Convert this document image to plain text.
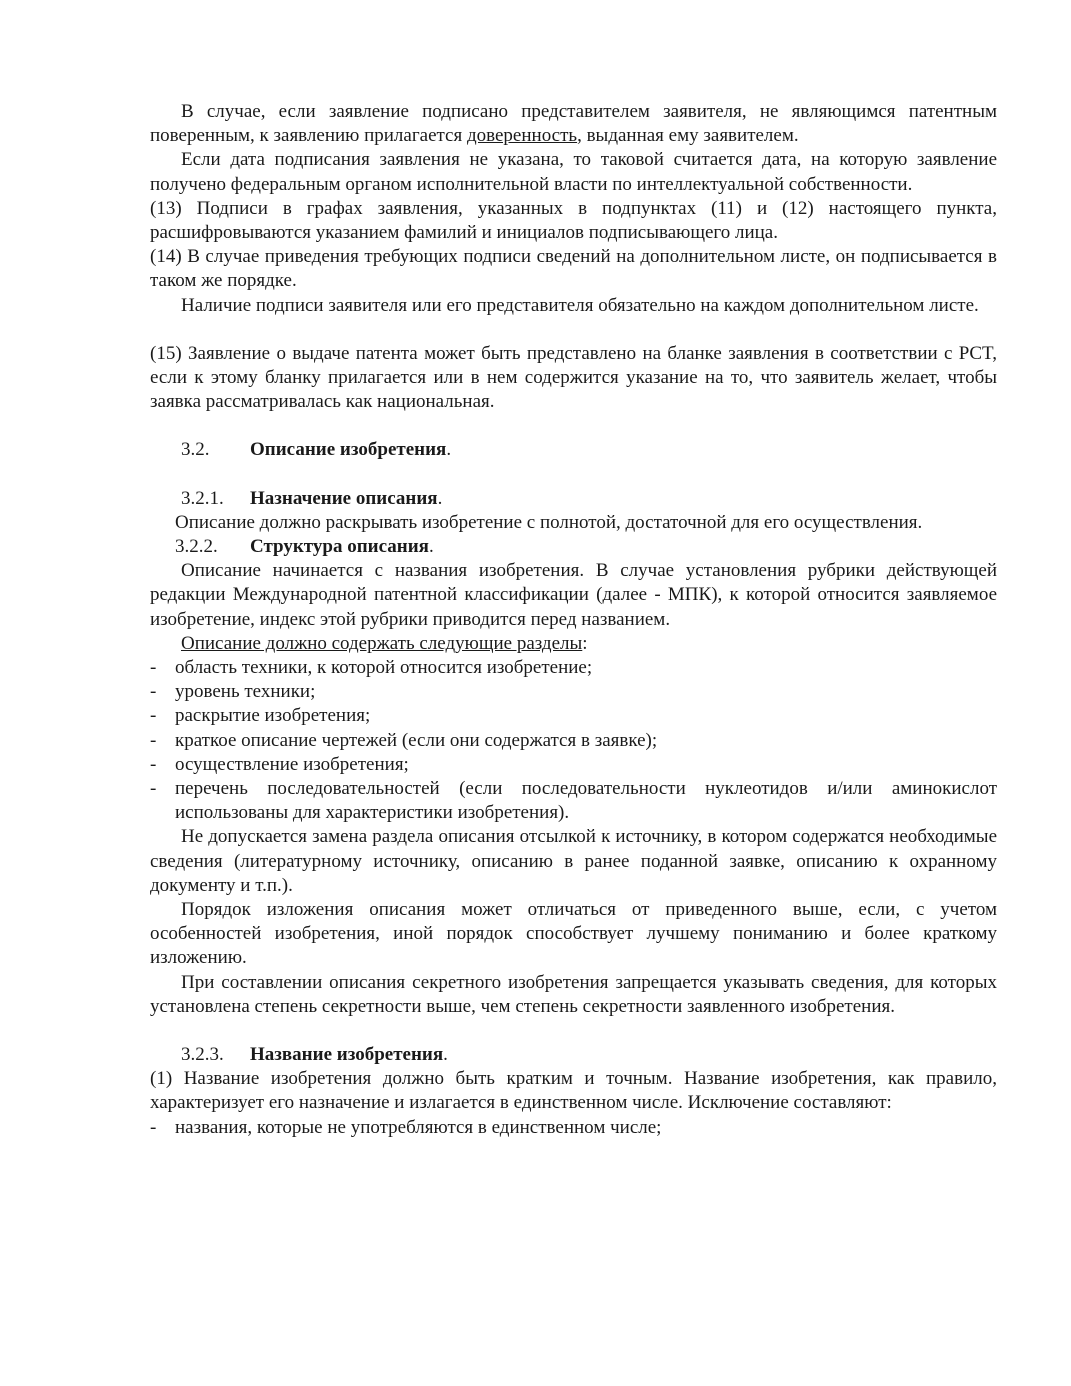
В случае, если заявление подписано представителем заявителя, не являющимся патентным поверенным, к заявлению прилагается доверенность, выданная ему заявителем.

Если дата подписания заявления не указана, то таковой считается дата, на которую заявление получено федеральным органом исполнительной власти по интеллектуальной собственности.

(13) Подписи в графах заявления, указанных в подпунктах (11) и (12) настоящего пункта, расшифровываются указанием фамилий и инициалов подписывающего лица.

(14) В случае приведения требующих подписи сведений на дополнительном листе, он подписывается в таком же порядке.

Наличие подписи заявителя или его представителя обязательно на каждом дополнительном листе.

(15) Заявление о выдаче патента может быть представлено на бланке заявления в соответствии с PCT, если к этому бланку прилагается или в нем содержится указание на то, что заявитель желает, чтобы заявка рассматривалась как национальная.

3.2.	Описание изобретения.
3.2.1.	Назначение описания.

Описание должно раскрывать изобретение с полнотой, достаточной для его осуществления.

3.2.2.	Структура описания.

Описание начинается с названия изобретения. В случае установления рубрики действующей редакции Международной патентной классификации (далее - МПК), к которой относится заявляемое изобретение, индекс этой рубрики приводится перед названием.

Описание должно содержать следующие разделы:

- область техники, к которой относится изобретение;
- уровень техники;
- раскрытие изобретения;
- краткое описание чертежей (если они содержатся в заявке);
- осуществление изобретения;
- перечень последовательностей (если последовательности нуклеотидов и/или аминокислот использованы для характеристики изобретения).

Не допускается замена раздела описания отсылкой к источнику, в котором содержатся необходимые сведения (литературному источнику, описанию в ранее поданной заявке, описанию к охранному документу и т.п.).

Порядок изложения описания может отличаться от приведенного выше, если, с учетом особенностей изобретения, иной порядок способствует лучшему пониманию и более краткому изложению.

При составлении описания секретного изобретения запрещается указывать сведения, для которых установлена степень секретности выше, чем степень секретности заявленного изобретения.

3.2.3.	Название изобретения.

(1) Название изобретения должно быть кратким и точным. Название изобретения, как правило, характеризует его назначение и излагается в единственном числе. Исключение составляют:

- названия, которые не употребляются в единственном числе;
